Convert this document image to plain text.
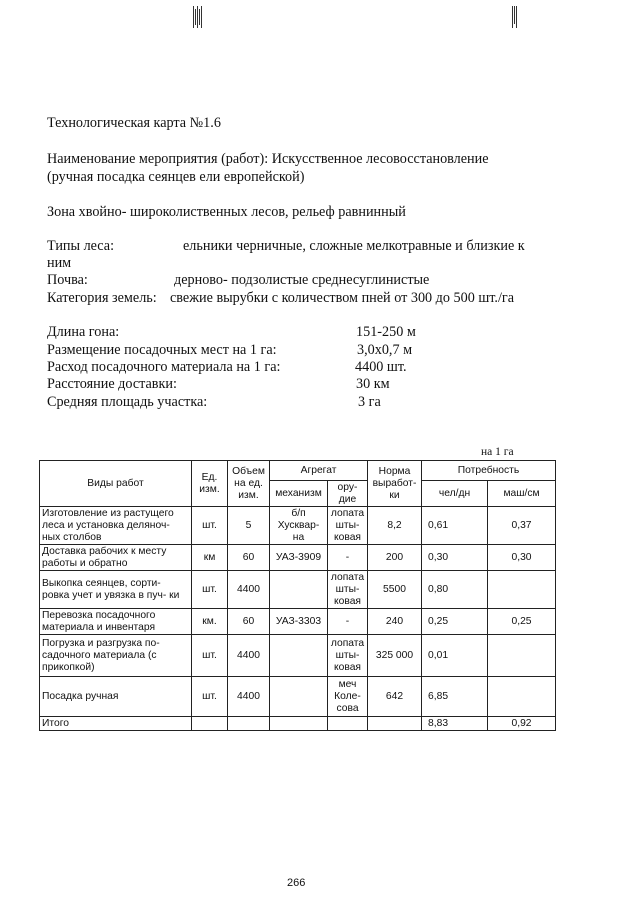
Технологическая карта №1.6
Наименование мероприятия (работ): Искусственное лесовосстановление
(ручная посадка сеянцев ели европейской)
Зона хвойно- широколиственных лесов, рельеф равнинный
Типы леса:	ельники черничные, сложные мелкотравные и близкие к
ним
Почва:	дерново- подзолистые среднесуглинистые
Категория земель: свежие вырубки с количеством пней от 300 до 500 шт./га
Длина гона:	151-250 м
Размещение посадочных мест на 1 га:	3,0х0,7 м
Расход посадочного материала на 1 га:	4400 шт.
Расстояние доставки:	30 км
Средняя площадь участка:	3 га
на 1 га
Виды работ	Ед. изм.	Объем на ед. изм.	Агрегат		Норма выработ- ки	Потребность	
			механизм	ору- дие		чел/дн	маш/см
Изготовление из растущего леса и установка деляноч- ных столбов	шт.	5	б/п Хусквар- на	лопата шты- ковая	8,2	0,61	0,37
Доставка рабочих к месту работы и обратно	км	60	УАЗ-3909	-	200	0,30	0,30
Выкопка сеянцев, сорти- ровка учет и увязка в пуч- ки	шт.	4400		лопата шты- ковая	5500	0,80	
Перевозка посадочного материала и инвентаря	км.	60	УАЗ-3303	-	240	0,25	0,25
Погрузка и разгрузка по- садочного материала (с прикопкой)	шт.	4400		лопата шты- ковая	325 000	0,01	
Посадка ручная	шт.	4400		меч Коле- сова	642	6,85	
Итого						8,83	0,92
266
